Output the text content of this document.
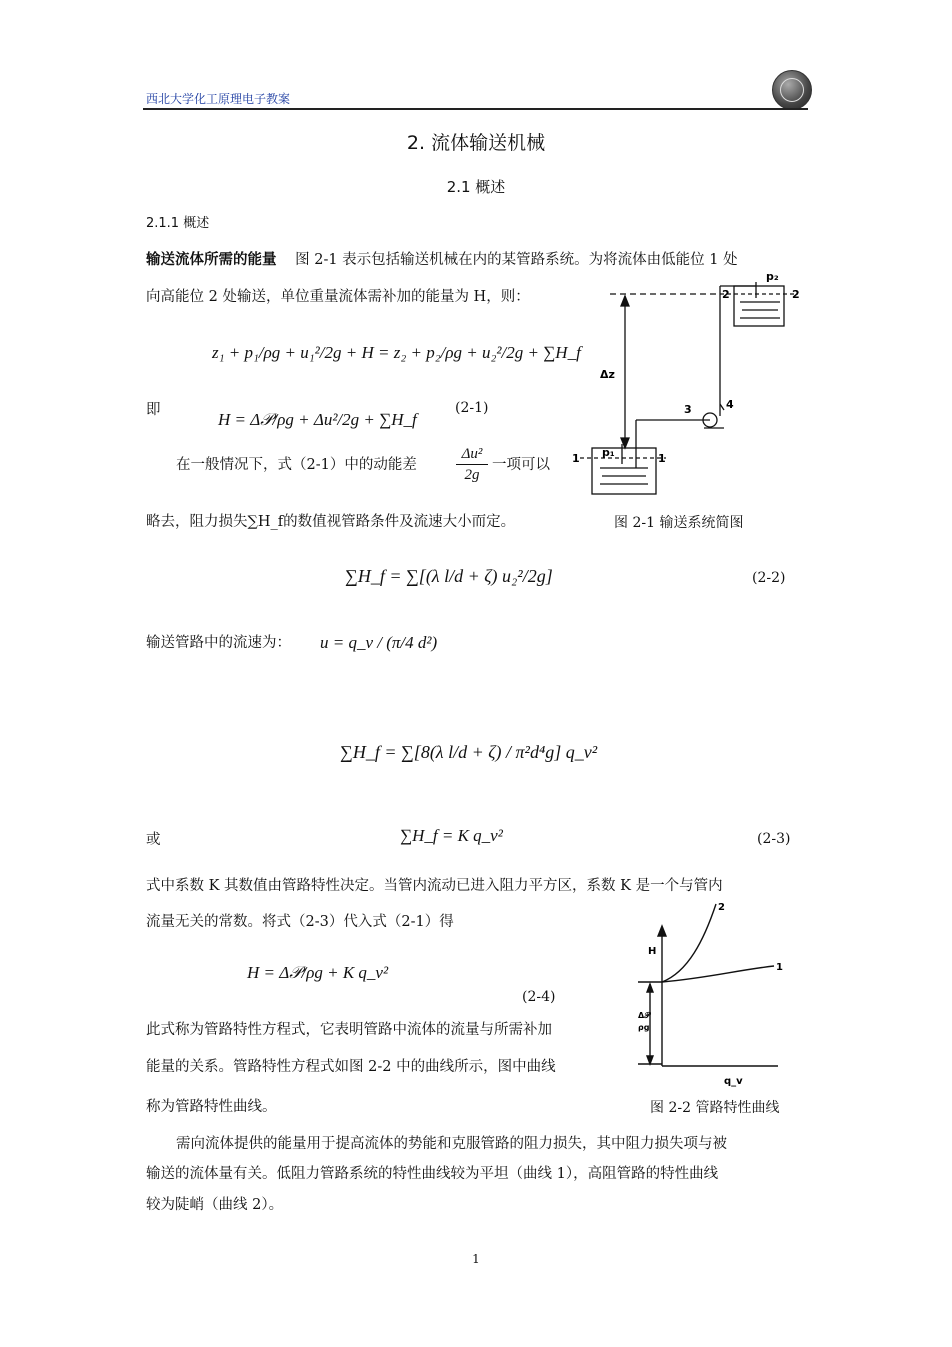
西北大学化工原理电子教案
2. 流体输送机械
2.1 概述
2.1.1 概述
输送流体所需的能量 图 2-1 表示包括输送机械在内的某管路系统。为将流体由低能位 1 处
向高能位 2 处输送，单位重量流体需补加的能量为 H，则：
z₁ + p₁/ρg + u₁²/2g + H = z₂ + p₂/ρg + u₂²/2g + ∑H_f
即	H = Δ𝒫/ρg + Δu²/2g + ∑H_f
(2-1)
在一般情况下，式（2-1）中的动能差
Δu²
2g
一项可以
略去，阻力损失∑H_f的数值视管路条件及流速大小而定。
p₂
2	2
Δz
3	4
p₁
1	1
图 2-1 输送系统简图
∑H_f = ∑[(λ l/d + ζ) u₂²/2g]	(2-2)
输送管路中的流速为： u = q_v / (π/4 d²)
∑H_f = ∑[8(λ l/d + ζ) / π²d⁴g] q_v²
或	∑H_f = K q_v²	(2-3)
式中系数 K 其数值由管路特性决定。当管内流动已进入阻力平方区，系数 K 是一个与管内
流量无关的常数。将式（2-3）代入式（2-1）得
H = Δ𝒫/ρg + K q_v²
(2-4)
此式称为管路特性方程式，它表明管路中流体的流量与所需补加
能量的关系。管路特性方程式如图 2-2 中的曲线所示，图中曲线
称为管路特性曲线。
2
1
H
Δ𝒫
ρg
q_v
图 2-2 管路特性曲线
需向流体提供的能量用于提高流体的势能和克服管路的阻力损失，其中阻力损失项与被
输送的流体量有关。低阻力管路系统的特性曲线较为平坦（曲线 1），高阻管路的特性曲线
较为陡峭（曲线 2）。
1
